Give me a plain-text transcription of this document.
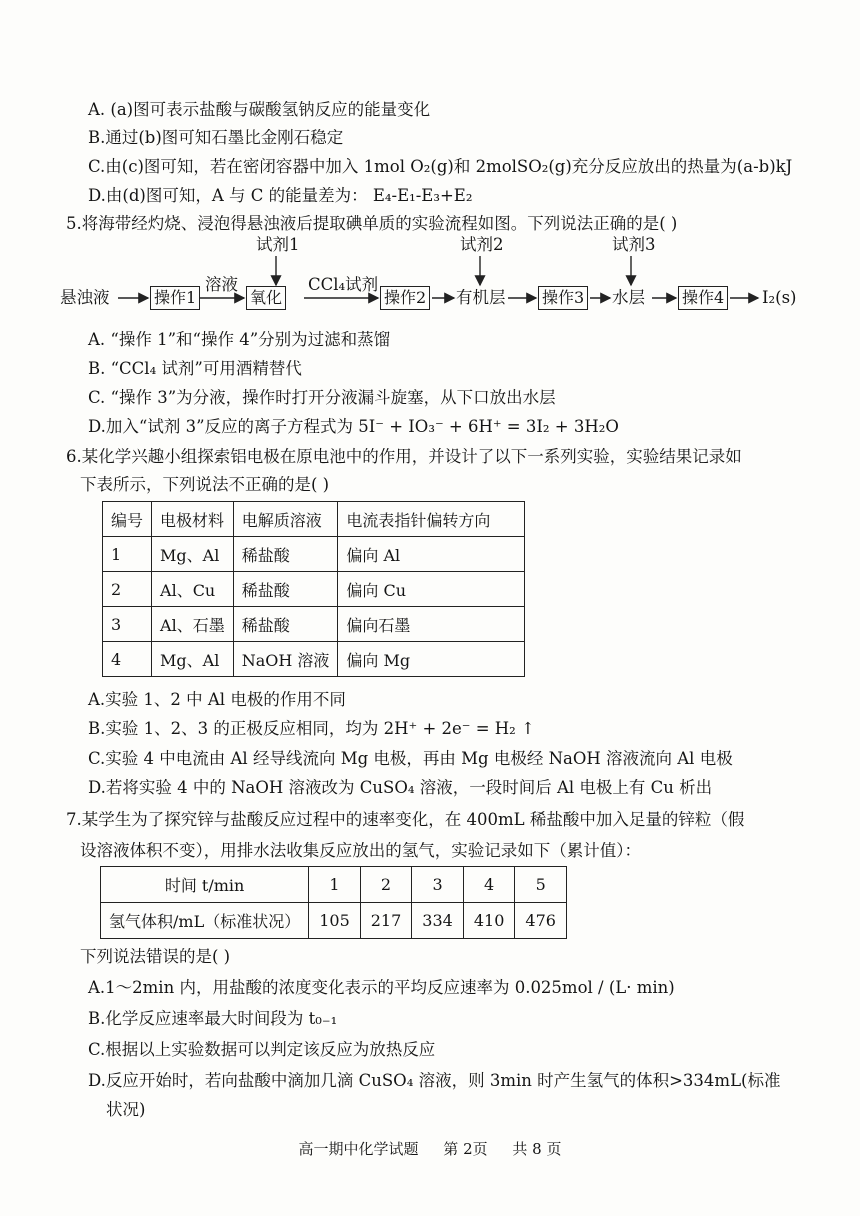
A. (a)图可表示盐酸与碳酸氢钠反应的能量变化
B.通过(b)图可知石墨比金刚石稳定
C.由(c)图可知，若在密闭容器中加入 1mol O₂(g)和 2molSO₂(g)充分反应放出的热量为(a-b)kJ
D.由(d)图可知，A 与 C 的能量差为： E₄-E₁-E₃+E₂
5.将海带经灼烧、浸泡得悬浊液后提取碘单质的实验流程如图。下列说法正确的是( )
悬浊液	操作1
溶液
试剂1
氧化
CCl₄试剂
操作2
试剂2
有机层 操作3
试剂3
水层 操作4 I₂(s)
A. “操作 1”和“操作 4”分别为过滤和蒸馏
B. “CCl₄ 试剂”可用酒精替代
C. “操作 3”为分液，操作时打开分液漏斗旋塞，从下口放出水层
D.加入“试剂 3”反应的离子方程式为 5I⁻ + IO₃⁻ + 6H⁺ = 3I₂ + 3H₂O
6.某化学兴趣小组探索铝电极在原电池中的作用，并设计了以下一系列实验，实验结果记录如
下表所示，下列说法不正确的是( )
编号	电极材料	电解质溶液	电流表指针偏转方向
1	Mg、Al	稀盐酸	偏向 Al
2	Al、Cu	稀盐酸	偏向 Cu
3	Al、石墨	稀盐酸	偏向石墨
4	Mg、Al	NaOH 溶液	偏向 Mg
A.实验 1、2 中 Al 电极的作用不同
B.实验 1、2、3 的正极反应相同，均为 2H⁺ + 2e⁻ = H₂ ↑
C.实验 4 中电流由 Al 经导线流向 Mg 电极，再由 Mg 电极经 NaOH 溶液流向 Al 电极
D.若将实验 4 中的 NaOH 溶液改为 CuSO₄ 溶液，一段时间后 Al 电极上有 Cu 析出
7.某学生为了探究锌与盐酸反应过程中的速率变化，在 400mL 稀盐酸中加入足量的锌粒（假
设溶液体积不变），用排水法收集反应放出的氢气，实验记录如下（累计值）：
时间 t/min	1	2	3	4	5
氢气体积/mL（标准状况）	105	217	334	410	476
下列说法错误的是( )
A.1～2min 内，用盐酸的浓度变化表示的平均反应速率为 0.025mol / (L· min)
B.化学反应速率最大时间段为 t₀₋₁
C.根据以上实验数据可以判定该反应为放热反应
D.反应开始时，若向盐酸中滴加几滴 CuSO₄ 溶液，则 3min 时产生氢气的体积>334mL(标准
状况)
高一期中化学试题 第 2页 共 8 页
